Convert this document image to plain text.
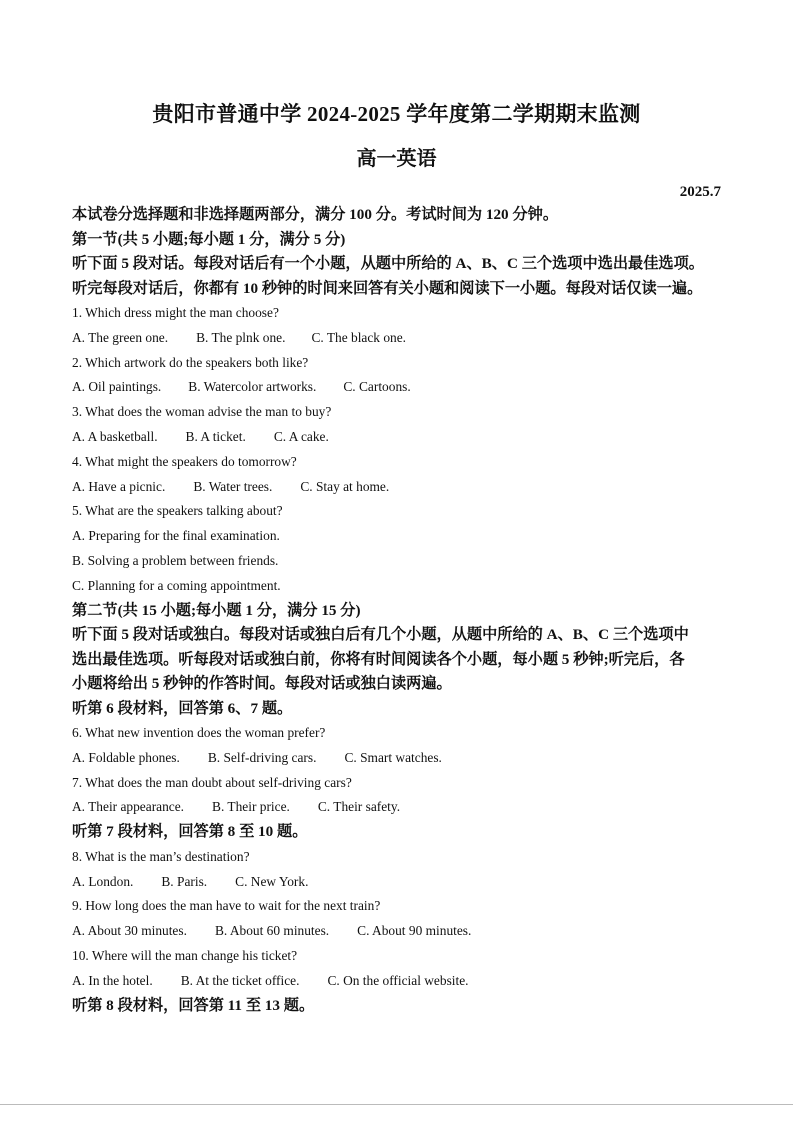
贵阳市普通中学 2024-2025 学年度第二学期期末监测
高一英语
2025.7
本试卷分选择题和非选择题两部分，满分 100 分。考试时间为 120 分钟。
第一节(共 5 小题;每小题 1 分，满分 5 分)
听下面 5 段对话。每段对话后有一个小题，从题中所给的 A、B、C 三个选项中选出最佳选项。
听完每段对话后，你都有 10 秒钟的时间来回答有关小题和阅读下一小题。每段对话仅读一遍。
1. Which dress might the man choose?
A. The green one. B. The plnk one. C. The black one.
2. Which artwork do the speakers both like?
A. Oil paintings. B. Watercolor artworks. C. Cartoons.
3. What does the woman advise the man to buy?
A. A basketball. B. A ticket. C. A cake.
4. What might the speakers do tomorrow?
A. Have a picnic. B. Water trees. C. Stay at home.
5. What are the speakers talking about?
A. Preparing for the final examination.
B. Solving a problem between friends.
C. Planning for a coming appointment.
第二节(共 15 小题;每小题 1 分，满分 15 分)
听下面 5 段对话或独白。每段对话或独白后有几个小题，从题中所给的 A、B、C 三个选项中
选出最佳选项。听每段对话或独白前，你将有时间阅读各个小题，每小题 5 秒钟;听完后，各
小题将给出 5 秒钟的作答时间。每段对话或独白读两遍。
听第 6 段材料，回答第 6、7 题。
6. What new invention does the woman prefer?
A. Foldable phones. B. Self-driving cars. C. Smart watches.
7. What does the man doubt about self-driving cars?
A. Their appearance. B. Their price. C. Their safety.
听第 7 段材料，回答第 8 至 10 题。
8. What is the man’s destination?
A. London. B. Paris. C. New York.
9. How long does the man have to wait for the next train?
A. About 30 minutes. B. About 60 minutes. C. About 90 minutes.
10. Where will the man change his ticket?
A. In the hotel. B. At the ticket office. C. On the official website.
听第 8 段材料，回答第 11 至 13 题。
